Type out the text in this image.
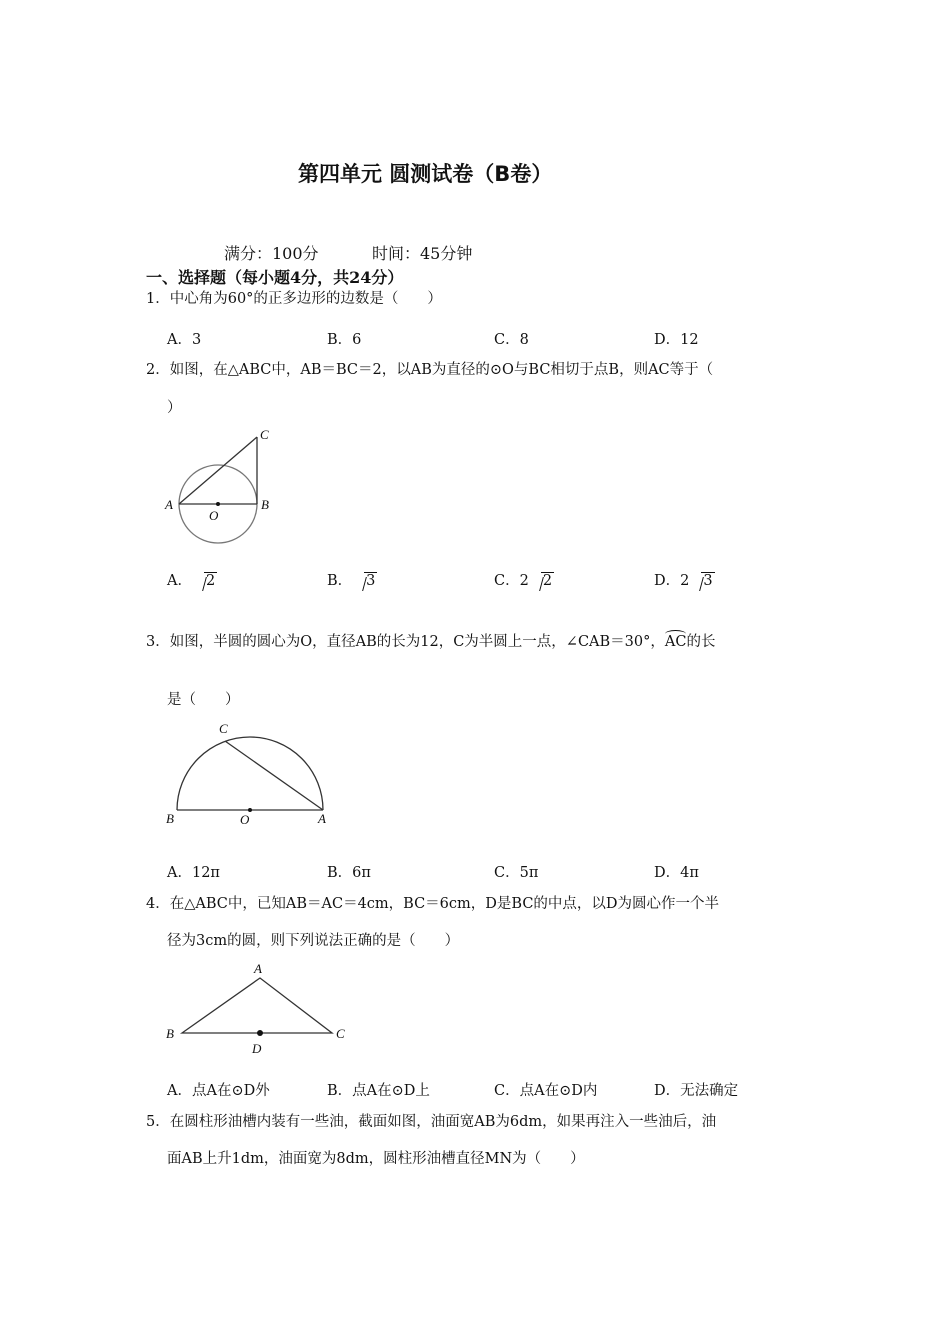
第四单元 圆测试卷（B卷）
满分：100分	时间：45分钟
一、选择题（每小题4分，共24分）
1．中心角为60°的正多边形的边数是（　　）
A．3	B．6	C．8	D．12
2．如图，在△ABC中，AB＝BC＝2，以AB为直径的⊙O与BC相切于点B，则AC等于（
）
A	B
C
O
A． 2	B． 3	C．2 2	D．2 3
3．如图，半圆的圆心为O，直径AB的长为12，C为半圆上一点，∠CAB＝30°，AC的长
是（　　）
B	O	A
C
A．12π	B．6π	C．5π	D．4π
4．在△ABC中，已知AB＝AC＝4cm，BC＝6cm，D是BC的中点，以D为圆心作一个半
径为3cm的圆，则下列说法正确的是（　　）
A
B	C
D
A．点A在⊙D外	B．点A在⊙D上	C．点A在⊙D内	D．无法确定
5．在圆柱形油槽内装有一些油，截面如图，油面宽AB为6dm，如果再注入一些油后，油
面AB上升1dm，油面宽为8dm，圆柱形油槽直径MN为（　　）
